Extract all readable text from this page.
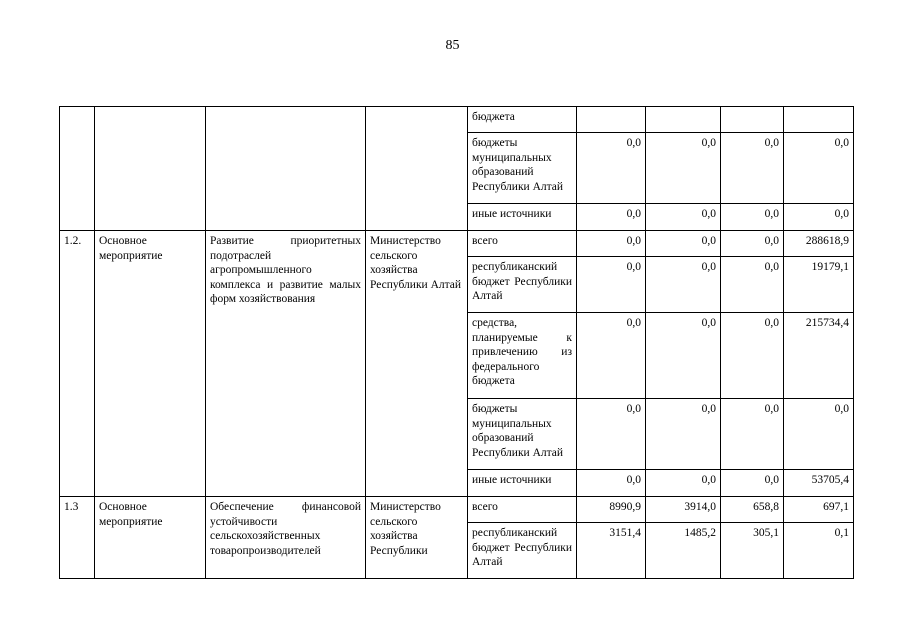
85
				бюджета				
				бюджеты муниципальных образований Республики Алтай	0,0	0,0	0,0	0,0
				иные источники	0,0	0,0	0,0	0,0
1.2.	Основное мероприятие	Развитие приоритетных подотраслей агропромышленного комплекса и развитие малых форм хозяйствования	Министерство сельского хозяйства Республики Алтай	всего	0,0	0,0	0,0	288618,9
				республиканский бюджет Республики Алтай	0,0	0,0	0,0	19179,1
				средства, планируемые к привлечению из федерального бюджета	0,0	0,0	0,0	215734,4
				бюджеты муниципальных образований Республики Алтай	0,0	0,0	0,0	0,0
				иные источники	0,0	0,0	0,0	53705,4
1.3	Основное мероприятие	Обеспечение финансовой устойчивости сельскохозяйственных товаропроизводителей	Министерство сельского хозяйства Республики	всего	8990,9	3914,0	658,8	697,1
				республиканский бюджет Республики Алтай	3151,4	1485,2	305,1	0,1
